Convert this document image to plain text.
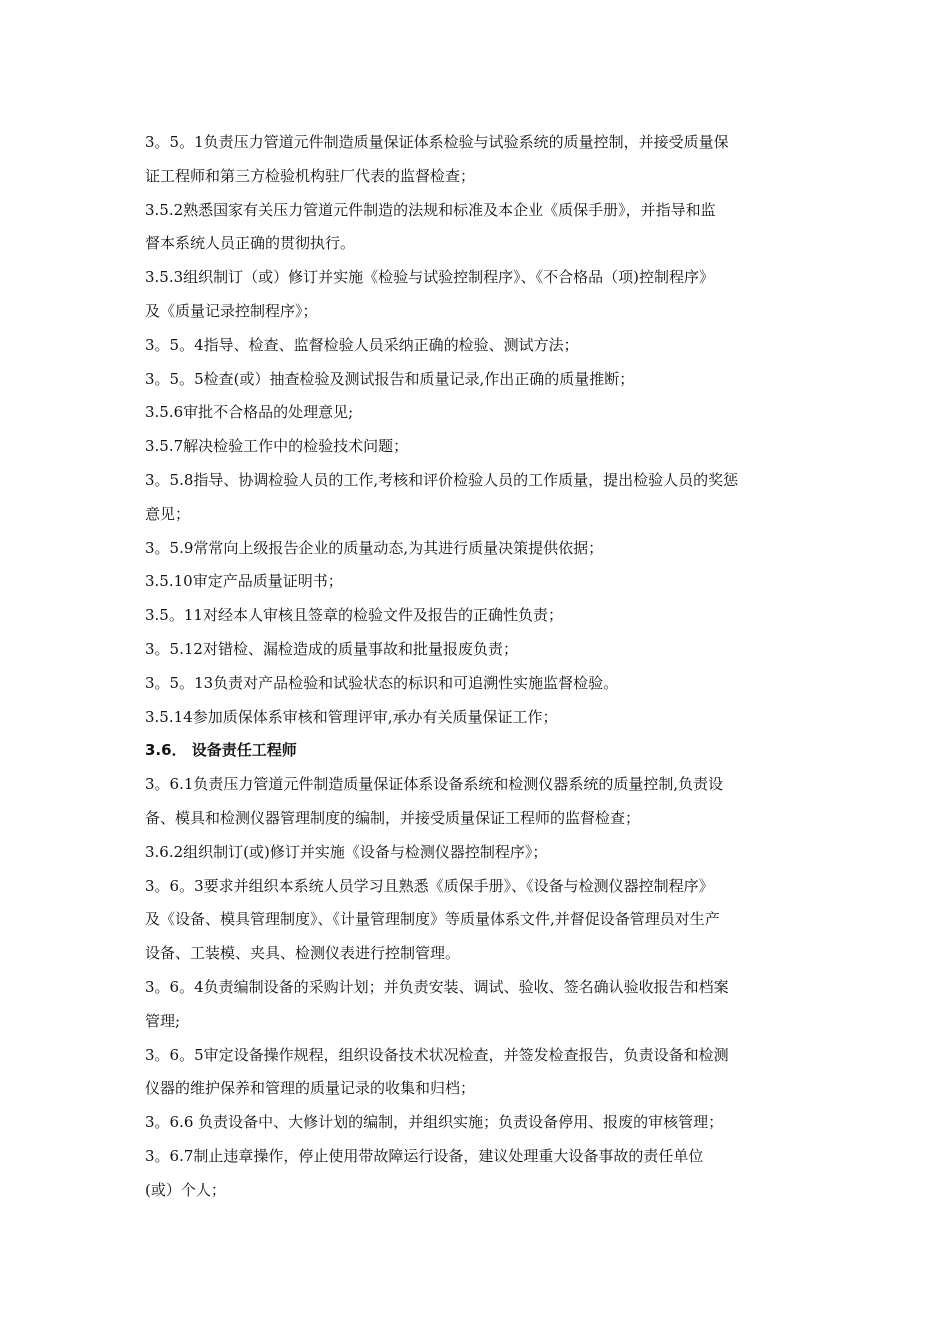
3。5。1负责压力管道元件制造质量保证体系检验与试验系统的质量控制，并接受质量保
证工程师和第三方检验机构驻厂代表的监督检查；
3.5.2熟悉国家有关压力管道元件制造的法规和标准及本企业《质保手册》，并指导和监
督本系统人员正确的贯彻执行。
3.5.3组织制订（或）修订并实施《检验与试验控制程序》、《不合格品（项)控制程序》
及《质量记录控制程序》；
3。5。4指导、检查、监督检验人员采纳正确的检验、测试方法；
3。5。5检查(或）抽查检验及测试报告和质量记录,作出正确的质量推断；
3.5.6审批不合格品的处理意见;
3.5.7解决检验工作中的检验技术问题；
3。5.8指导、协调检验人员的工作,考核和评价检验人员的工作质量，提出检验人员的奖惩
意见；
3。5.9常常向上级报告企业的质量动态,为其进行质量决策提供依据；
3.5.10审定产品质量证明书；
3.5。11对经本人审核且签章的检验文件及报告的正确性负责；
3。5.12对错检、漏检造成的质量事故和批量报废负责；
3。5。13负责对产品检验和试验状态的标识和可追溯性实施监督检验。
3.5.14参加质保体系审核和管理评审,承办有关质量保证工作；
3.6． 设备责任工程师
3。6.1负责压力管道元件制造质量保证体系设备系统和检测仪器系统的质量控制,负责设
备、模具和检测仪器管理制度的编制，并接受质量保证工程师的监督检查；
3.6.2组织制订(或)修订并实施《设备与检测仪器控制程序》；
3。6。3要求并组织本系统人员学习且熟悉《质保手册》、《设备与检测仪器控制程序》
及《设备、模具管理制度》、《计量管理制度》等质量体系文件,并督促设备管理员对生产
设备、工装模、夹具、检测仪表进行控制管理。
3。6。4负责编制设备的采购计划；并负责安装、调试、验收、签名确认验收报告和档案
管理;
3。6。5审定设备操作规程，组织设备技术状况检查，并签发检查报告，负责设备和检测
仪器的维护保养和管理的质量记录的收集和归档；
3。6.6 负责设备中、大修计划的编制，并组织实施；负责设备停用、报废的审核管理；
3。6.7制止违章操作，停止使用带故障运行设备，建议处理重大设备事故的责任单位
(或）个人；
